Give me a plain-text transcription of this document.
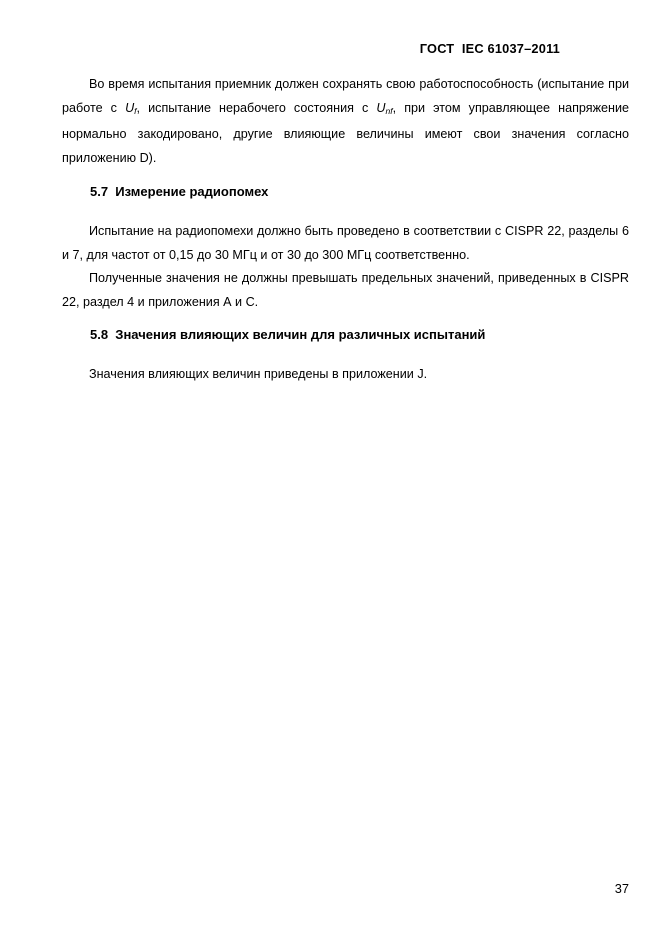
ГОСТ  IEC 61037–2011

Во время испытания приемник должен сохранять свою работоспособность (испытание при работе с $U_f$, испытание нерабочего состояния с $U_{nf}$, при этом управляющее напряжение нормально закодировано, другие влияющие величины имеют свои значения согласно приложению D).

5.7  Измерение радиопомех

Испытание на радиопомехи должно быть проведено в соответствии с CISPR 22, разделы 6 и 7, для частот от 0,15 до 30 МГц и от 30 до 300 МГц соответственно.

Полученные значения не должны превышать предельных значений, приведенных в CISPR 22, раздел 4 и приложения А и С.

5.8  Значения влияющих величин для различных испытаний

Значения влияющих величин приведены в приложении J.

37
